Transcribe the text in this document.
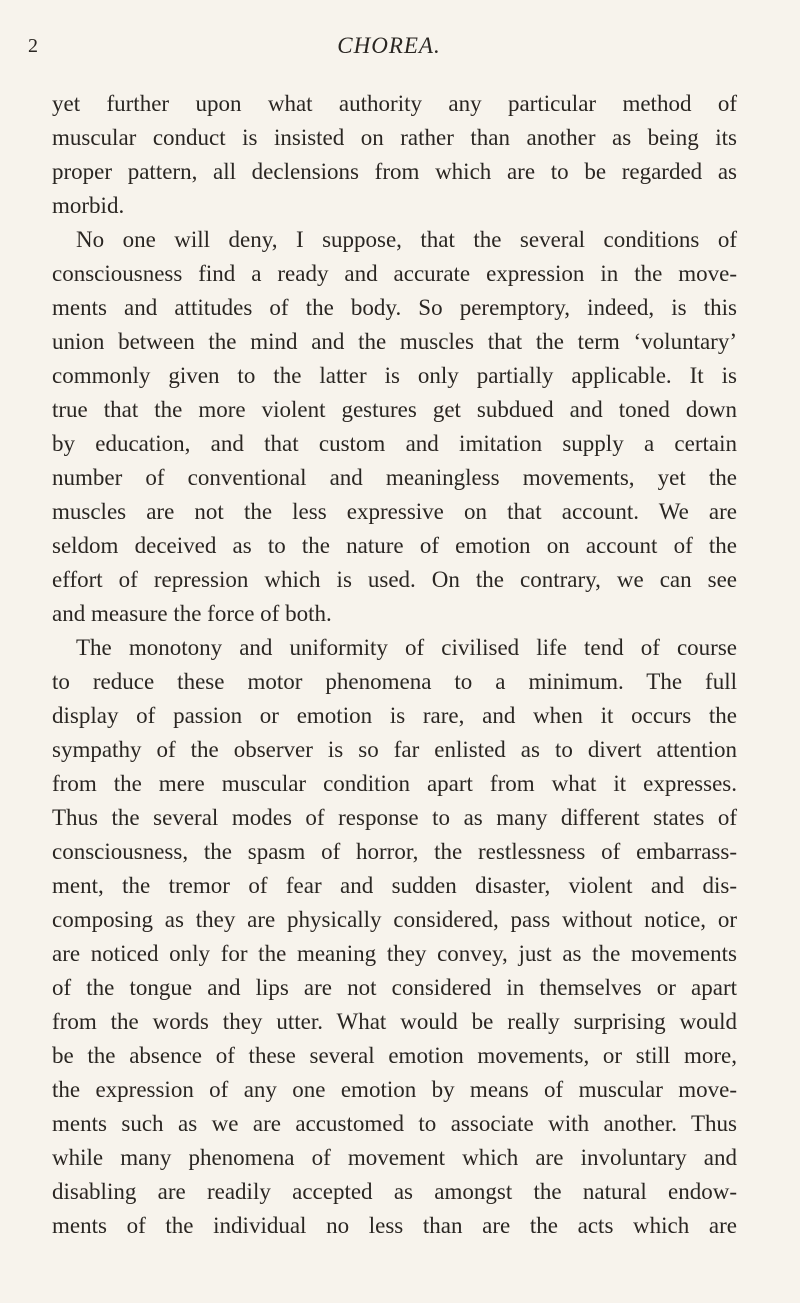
2	CHOREA.
yet further upon what authority any particular method of
muscular conduct is insisted on rather than another as being its
proper pattern, all declensions from which are to be regarded as
morbid.
No one will deny, I suppose, that the several conditions of
consciousness find a ready and accurate expression in the move-
ments and attitudes of the body. So peremptory, indeed, is this
union between the mind and the muscles that the term ‘voluntary’
commonly given to the latter is only partially applicable. It is
true that the more violent gestures get subdued and toned down
by education, and that custom and imitation supply a certain
number of conventional and meaningless movements, yet the
muscles are not the less expressive on that account. We are
seldom deceived as to the nature of emotion on account of the
effort of repression which is used. On the contrary, we can see
and measure the force of both.
The monotony and uniformity of civilised life tend of course
to reduce these motor phenomena to a minimum. The full
display of passion or emotion is rare, and when it occurs the
sympathy of the observer is so far enlisted as to divert attention
from the mere muscular condition apart from what it expresses.
Thus the several modes of response to as many different states of
consciousness, the spasm of horror, the restlessness of embarrass-
ment, the tremor of fear and sudden disaster, violent and dis-
composing as they are physically considered, pass without notice, or
are noticed only for the meaning they convey, just as the movements
of the tongue and lips are not considered in themselves or apart
from the words they utter. What would be really surprising would
be the absence of these several emotion movements, or still more,
the expression of any one emotion by means of muscular move-
ments such as we are accustomed to associate with another. Thus
while many phenomena of movement which are involuntary and
disabling are readily accepted as amongst the natural endow-
ments of the individual no less than are the acts which are
